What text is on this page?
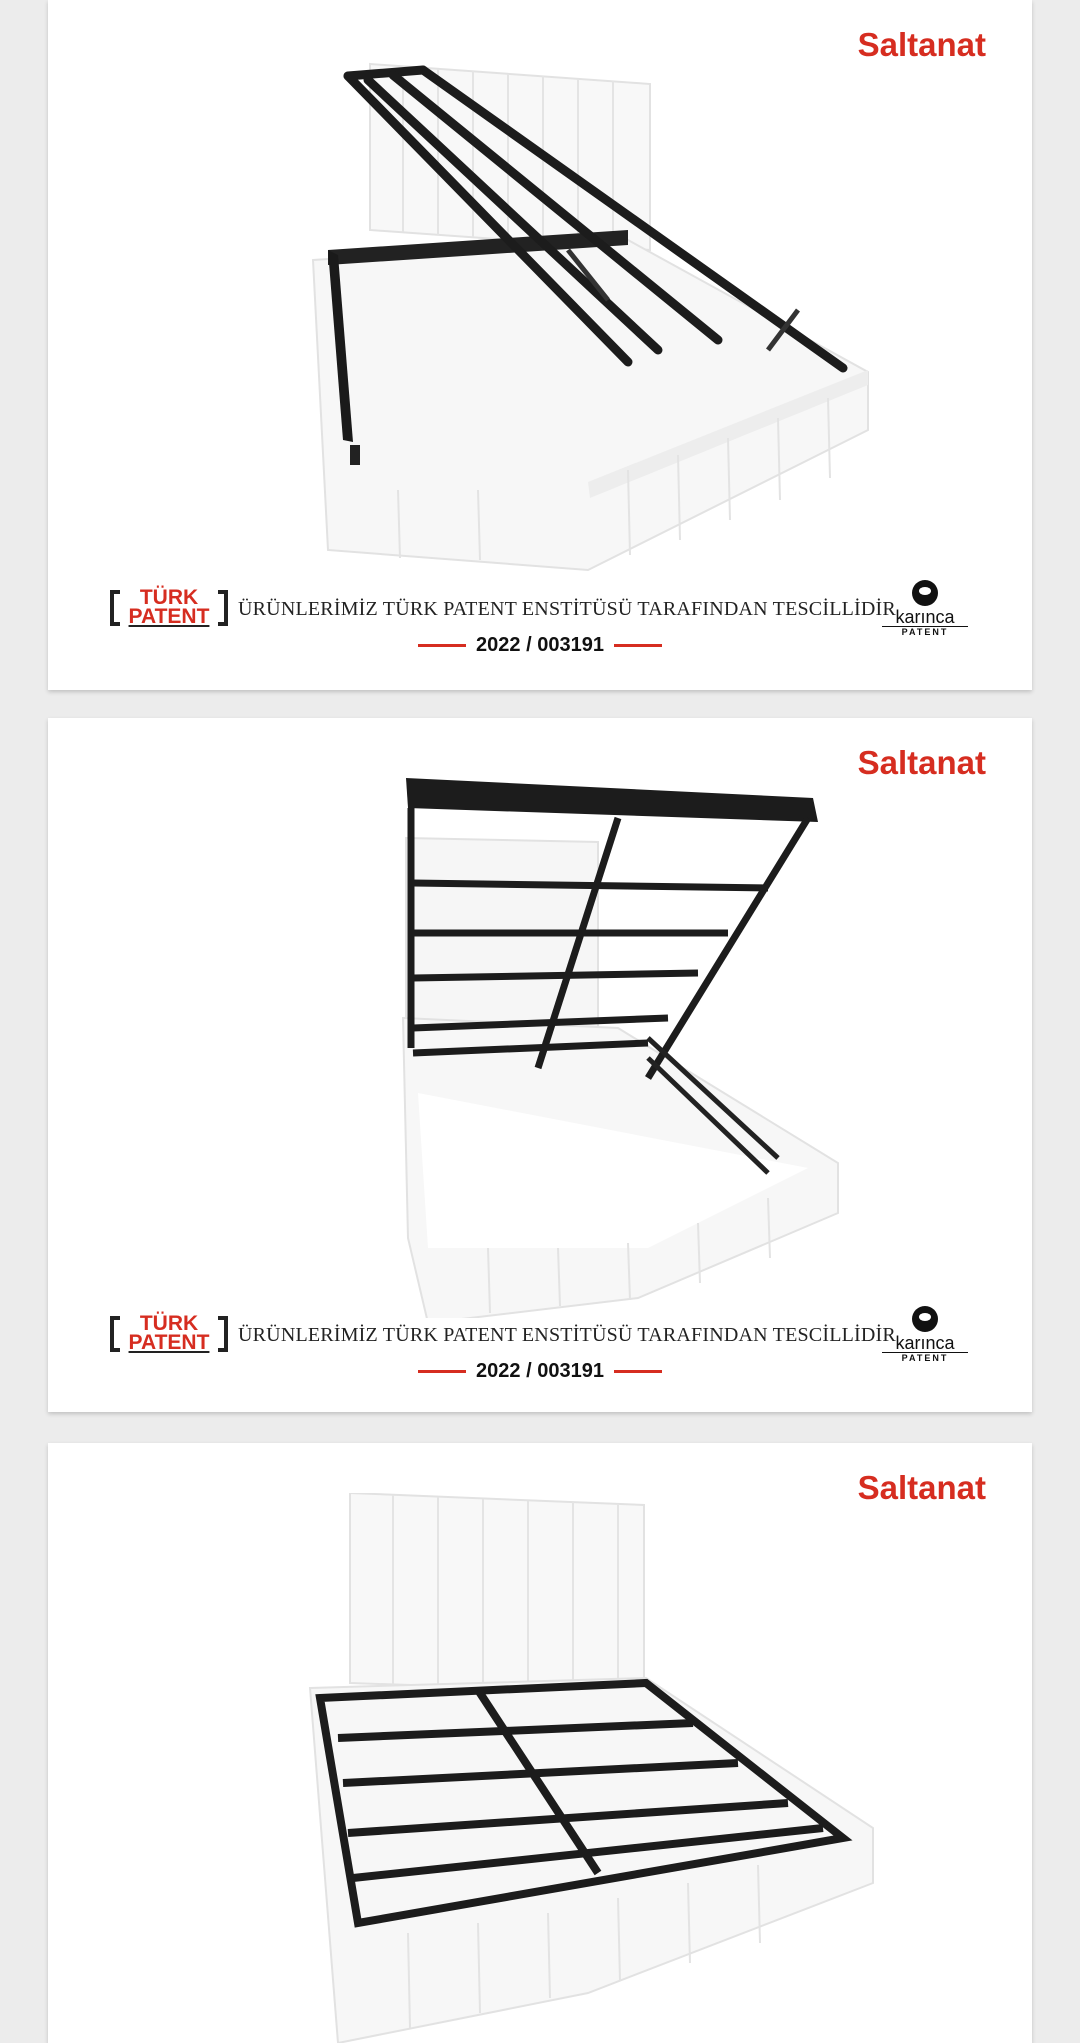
Saltanat
TÜRK
PATENT	ÜRÜNLERİMİZ TÜRK PATENT ENSTİTÜSÜ TARAFINDAN TESCİLLİDİR
2022 / 003191
karınca
PATENT
Saltanat
TÜRK
PATENT	ÜRÜNLERİMİZ TÜRK PATENT ENSTİTÜSÜ TARAFINDAN TESCİLLİDİR
2022 / 003191
karınca
PATENT
Saltanat
